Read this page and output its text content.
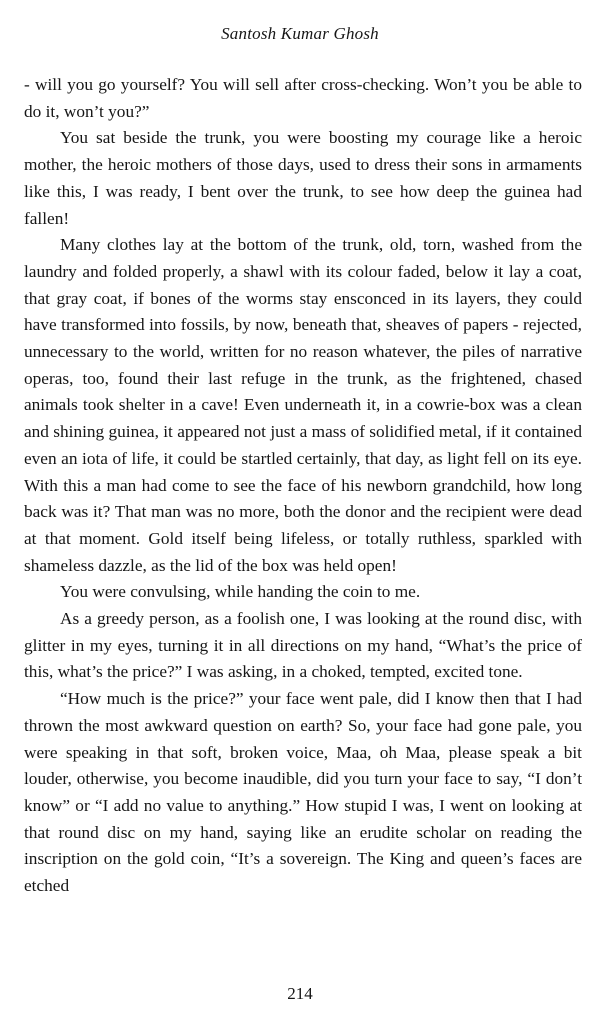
Santosh Kumar Ghosh

- will you go yourself? You will sell after cross-checking. Won’t you be able to do it, won’t you?”

You sat beside the trunk, you were boosting my courage like a heroic mother, the heroic mothers of those days, used to dress their sons in armaments like this, I was ready, I bent over the trunk, to see how deep the guinea had fallen!

Many clothes lay at the bottom of the trunk, old, torn, washed from the laundry and folded properly, a shawl with its colour faded, below it lay a coat, that gray coat, if bones of the worms stay ensconced in its layers, they could have transformed into fossils, by now, beneath that, sheaves of papers - rejected, unnecessary to the world, written for no reason whatever, the piles of narrative operas, too, found their last refuge in the trunk, as the frightened, chased animals took shelter in a cave! Even underneath it, in a cowrie-box was a clean and shining guinea, it appeared not just a mass of solidified metal, if it contained even an iota of life, it could be startled certainly, that day, as light fell on its eye. With this a man had come to see the face of his newborn grandchild, how long back was it? That man was no more, both the donor and the recipient were dead at that moment. Gold itself being lifeless, or totally ruthless, sparkled with shameless dazzle, as the lid of the box was held open!

You were convulsing, while handing the coin to me.

As a greedy person, as a foolish one, I was looking at the round disc, with glitter in my eyes, turning it in all directions on my hand, “What’s the price of this, what’s the price?” I was asking, in a choked, tempted, excited tone.

“How much is the price?” your face went pale, did I know then that I had thrown the most awkward question on earth? So, your face had gone pale, you were speaking in that soft, broken voice, Maa, oh Maa, please speak a bit louder, otherwise, you become inaudible, did you turn your face to say, “I don’t know” or “I add no value to anything.” How stupid I was, I went on looking at that round disc on my hand, saying like an erudite scholar on reading the inscription on the gold coin, “It’s a sovereign. The King and queen’s faces are etched

214
